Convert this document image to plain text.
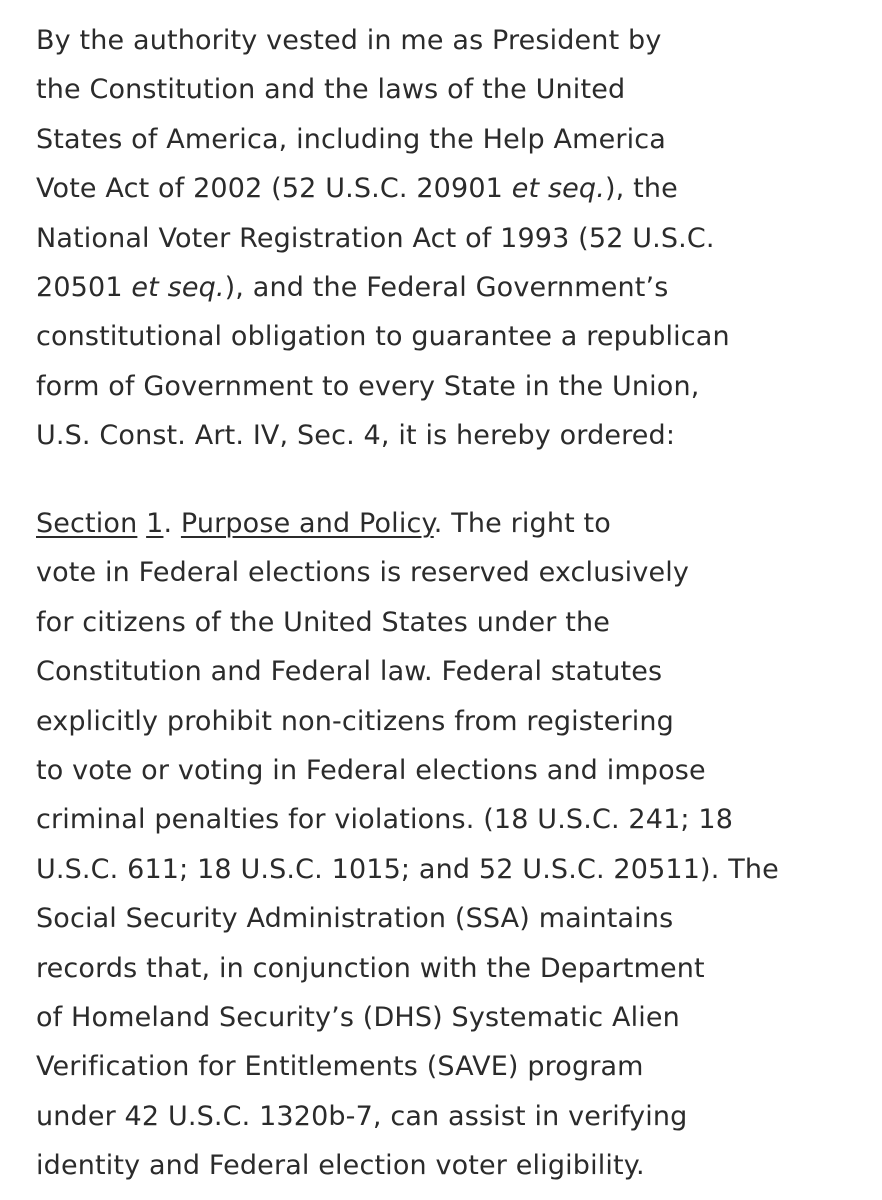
By the authority vested in me as President by
the Constitution and the laws of the United
States of America, including the Help America
Vote Act of 2002 (52 U.S.C. 20901 et seq.), the
National Voter Registration Act of 1993 (52 U.S.C.
20501 et seq.), and the Federal Government’s
constitutional obligation to guarantee a republican
form of Government to every State in the Union,
U.S. Const. Art. IV, Sec. 4, it is hereby ordered:
Section 1. Purpose and Policy. The right to
vote in Federal elections is reserved exclusively
for citizens of the United States under the
Constitution and Federal law. Federal statutes
explicitly prohibit non-citizens from registering
to vote or voting in Federal elections and impose
criminal penalties for violations. (18 U.S.C. 241; 18
U.S.C. 611; 18 U.S.C. 1015; and 52 U.S.C. 20511). The
Social Security Administration (SSA) maintains
records that, in conjunction with the Department
of Homeland Security’s (DHS) Systematic Alien
Verification for Entitlements (SAVE) program
under 42 U.S.C. 1320b-7, can assist in verifying
identity and Federal election voter eligibility.
